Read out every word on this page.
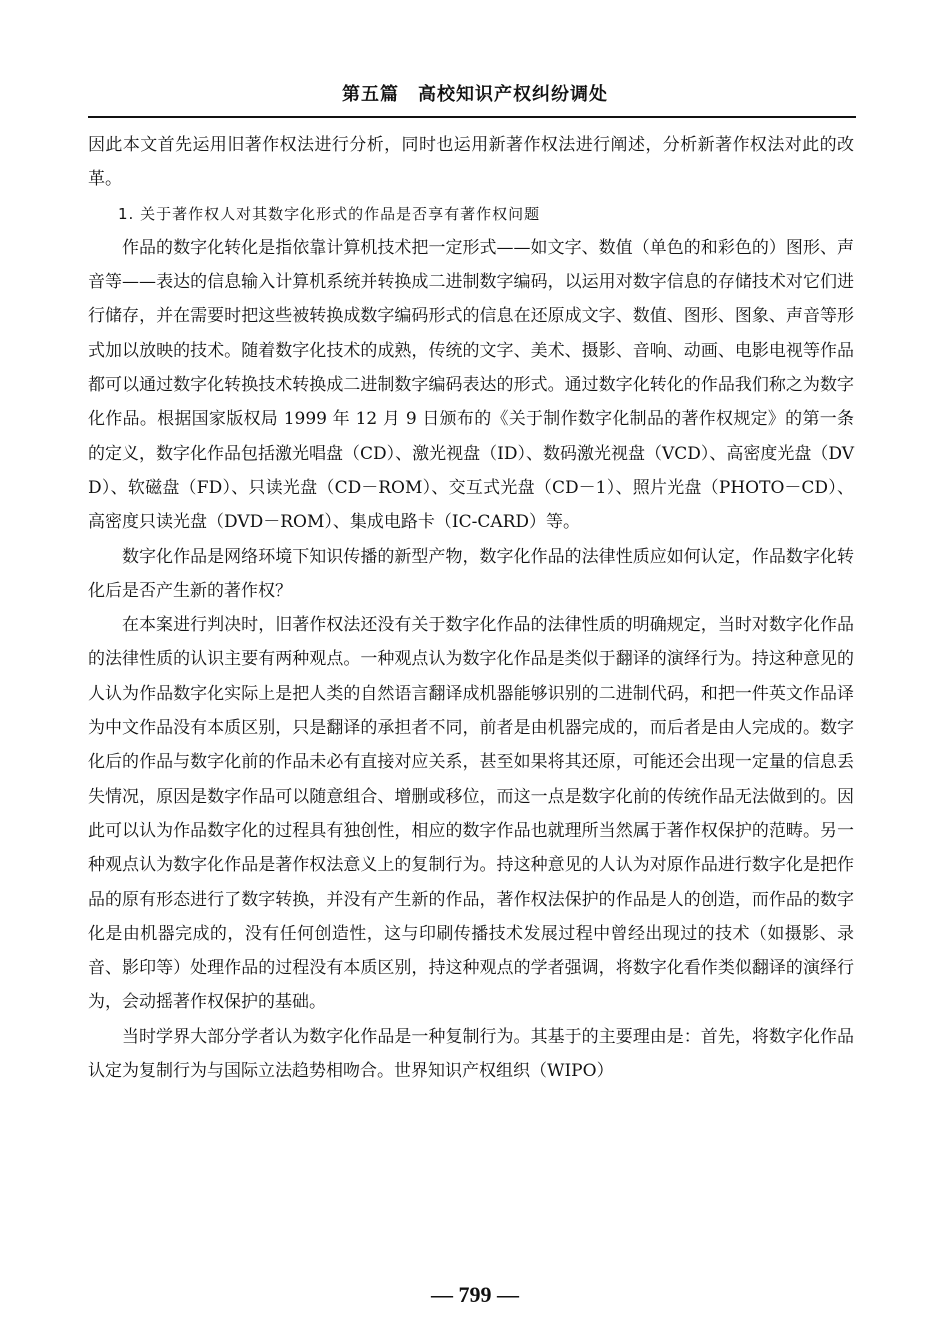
第五篇　高校知识产权纠纷调处

因此本文首先运用旧著作权法进行分析，同时也运用新著作权法进行阐述，分析新著作权法对此的改革。

1. 关于著作权人对其数字化形式的作品是否享有著作权问题

作品的数字化转化是指依靠计算机技术把一定形式——如文字、数值（单色的和彩色的）图形、声音等——表达的信息输入计算机系统并转换成二进制数字编码，以运用对数字信息的存储技术对它们进行储存，并在需要时把这些被转换成数字编码形式的信息在还原成文字、数值、图形、图象、声音等形式加以放映的技术。随着数字化技术的成熟，传统的文字、美术、摄影、音响、动画、电影电视等作品都可以通过数字化转换技术转换成二进制数字编码表达的形式。通过数字化转化的作品我们称之为数字化作品。根据国家版权局 1999 年 12 月 9 日颁布的《关于制作数字化制品的著作权规定》的第一条的定义，数字化作品包括激光唱盘（CD）、激光视盘（ID）、数码激光视盘（VCD）、高密度光盘（DVD）、软磁盘（FD）、只读光盘（CD－ROM）、交互式光盘（CD－1）、照片光盘（PHOTO－CD）、高密度只读光盘（DVD－ROM）、集成电路卡（IC-CARD）等。

数字化作品是网络环境下知识传播的新型产物，数字化作品的法律性质应如何认定，作品数字化转化后是否产生新的著作权？

在本案进行判决时，旧著作权法还没有关于数字化作品的法律性质的明确规定，当时对数字化作品的法律性质的认识主要有两种观点。一种观点认为数字化作品是类似于翻译的演绎行为。持这种意见的人认为作品数字化实际上是把人类的自然语言翻译成机器能够识别的二进制代码，和把一件英文作品译为中文作品没有本质区别，只是翻译的承担者不同，前者是由机器完成的，而后者是由人完成的。数字化后的作品与数字化前的作品未必有直接对应关系，甚至如果将其还原，可能还会出现一定量的信息丢失情况，原因是数字作品可以随意组合、增删或移位，而这一点是数字化前的传统作品无法做到的。因此可以认为作品数字化的过程具有独创性，相应的数字作品也就理所当然属于著作权保护的范畴。另一种观点认为数字化作品是著作权法意义上的复制行为。持这种意见的人认为对原作品进行数字化是把作品的原有形态进行了数字转换，并没有产生新的作品，著作权法保护的作品是人的创造，而作品的数字化是由机器完成的，没有任何创造性，这与印刷传播技术发展过程中曾经出现过的技术（如摄影、录音、影印等）处理作品的过程没有本质区别，持这种观点的学者强调，将数字化看作类似翻译的演绎行为，会动摇著作权保护的基础。

当时学界大部分学者认为数字化作品是一种复制行为。其基于的主要理由是：首先，将数字化作品认定为复制行为与国际立法趋势相吻合。世界知识产权组织（WIPO）

— 799 —
